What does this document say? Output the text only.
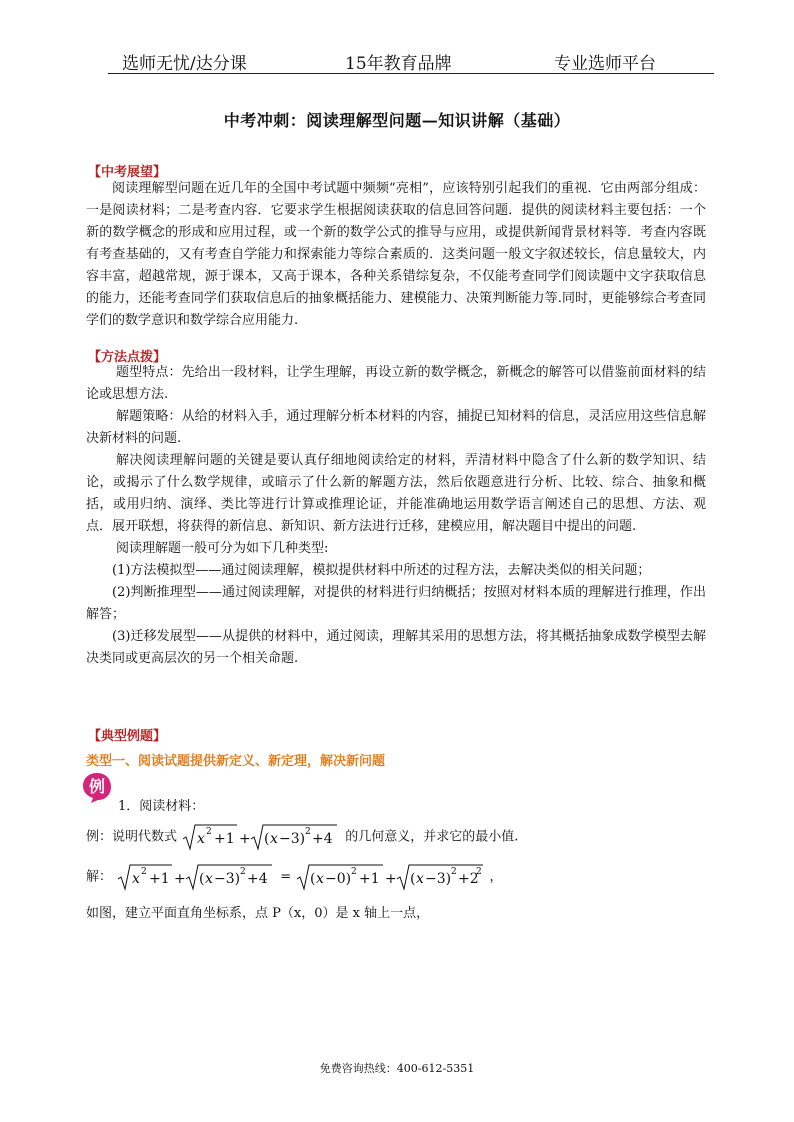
选师无忧/达分课	15年教育品牌	专业选师平台
中考冲刺：阅读理解型问题—知识讲解（基础）
【中考展望】

阅读理解型问题在近几年的全国中考试题中频频“亮相”，应该特别引起我们的重视．它由两部分组成：一是阅读材料；二是考查内容．它要求学生根据阅读获取的信息回答问题．提供的阅读材料主要包括：一个新的数学概念的形成和应用过程，或一个新的数学公式的推导与应用，或提供新闻背景材料等．考查内容既有考查基础的，又有考查自学能力和探索能力等综合素质的．这类问题一般文字叙述较长，信息量较大，内容丰富，超越常规，源于课本，又高于课本，各种关系错综复杂，不仅能考查同学们阅读题中文字获取信息的能力，还能考查同学们获取信息后的抽象概括能力、建模能力、决策判断能力等.同时，更能够综合考查同学们的数学意识和数学综合应用能力.

【方法点拨】

题型特点：先给出一段材料，让学生理解，再设立新的数学概念，新概念的解答可以借鉴前面材料的结论或思想方法.

解题策略：从给的材料入手，通过理解分析本材料的内容，捕捉已知材料的信息，灵活应用这些信息解决新材料的问题.

解决阅读理解问题的关键是要认真仔细地阅读给定的材料，弄清材料中隐含了什么新的数学知识、结论，或揭示了什么数学规律，或暗示了什么新的解题方法，然后依题意进行分析、比较、综合、抽象和概括，或用归纳、演绎、类比等进行计算或推理论证，并能准确地运用数学语言阐述自己的思想、方法、观点．展开联想，将获得的新信息、新知识、新方法进行迁移，建模应用，解决题目中提出的问题.

阅读理解题一般可分为如下几种类型:

(1)方法模拟型——通过阅读理解，模拟提供材料中所述的过程方法，去解决类似的相关问题；

(2)判断推理型——通过阅读理解，对提供的材料进行归纳概括；按照对材料本质的理解进行推理，作出解答；

(3)迁移发展型——从提供的材料中，通过阅读，理解其采用的思想方法，将其概括抽象成数学模型去解决类同或更高层次的另一个相关命题.

【典型例题】
类型一、阅读试题提供新定义、新定理，解决新问题
例
1．阅读材料：
例：说明代数式 x 2 +1 + ( x −3) 2 +4 的几何意义，并求它的最小值.
解： x 2 +1 + ( x −3) 2 +4 = ( x −0) 2 +1 + ( x −3) 2 +2
2 ，
如图，建立平面直角坐标系，点 P（x，0）是 x 轴上一点，
免费咨询热线：400-612-5351
